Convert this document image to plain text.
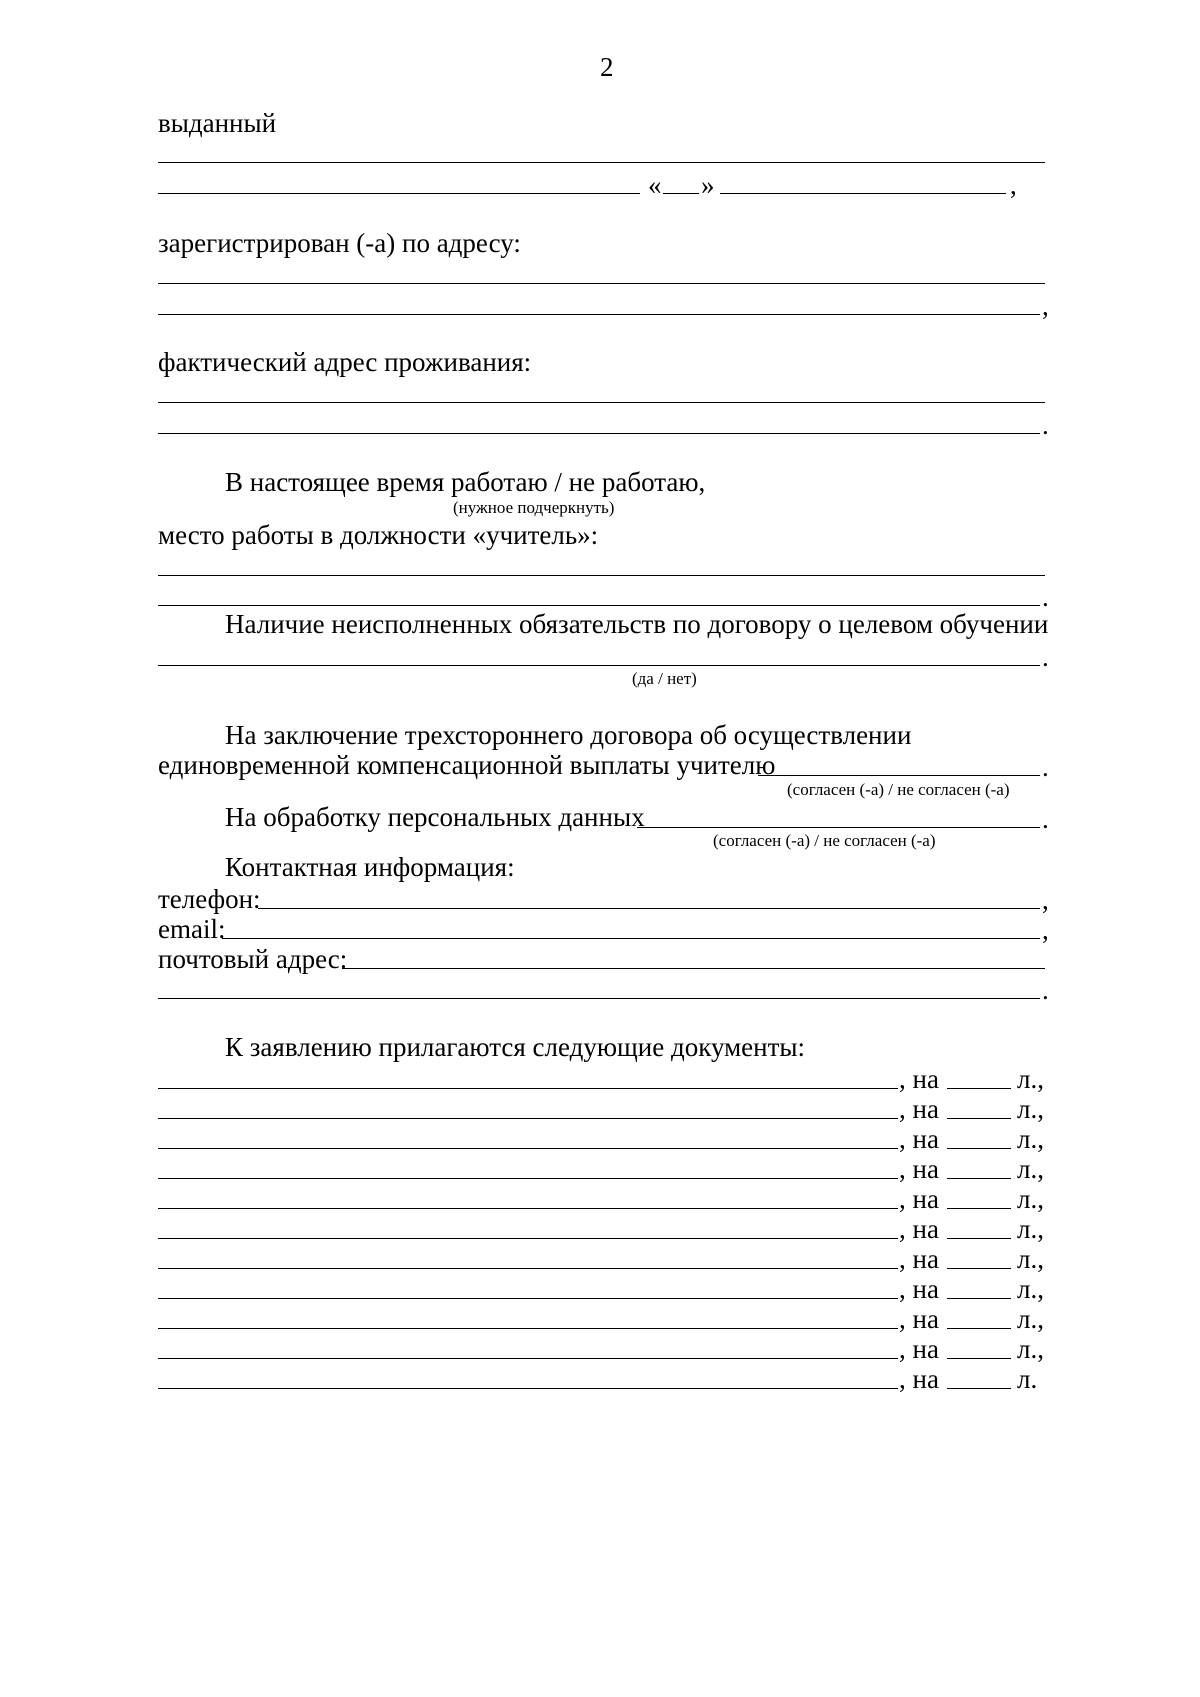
2
выданный
« »	,
зарегистрирован (-а) по адресу:
,
фактический адрес проживания:
.
В настоящее время работаю / не работаю,
(нужное подчеркнуть)
место работы в должности «учитель»:
.
Наличие неисполненных обязательств по договору о целевом обучении
.
(да / нет)
На заключение трехстороннего договора об осуществлении
единовременной компенсационной выплаты учителю	.
(согласен (-а) / не согласен (-а)
На обработку персональных данных	.
(согласен (-а) / не согласен (-а)
Контактная информация:
телефон:	,
email:	,
почтовый адрес:
.
К заявлению прилагаются следующие документы:
, на	л.,
, на	л.,
, на	л.,
, на	л.,
, на	л.,
, на	л.,
, на	л.,
, на	л.,
, на	л.,
, на	л.,
, на	л.
